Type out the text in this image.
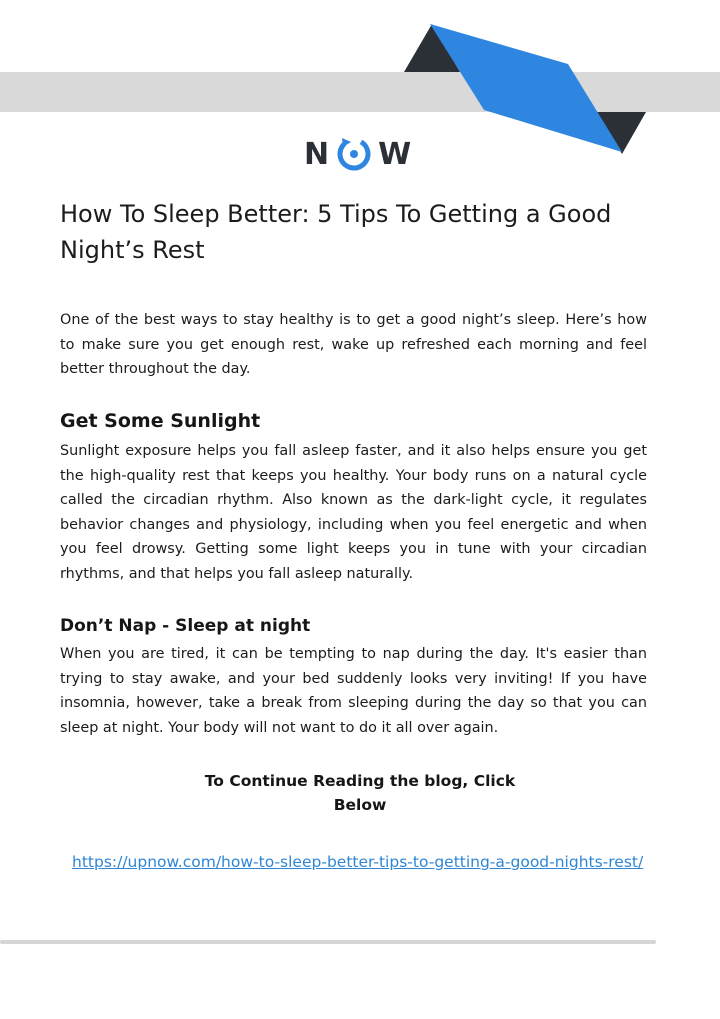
N W
How To Sleep Better: 5 Tips To Getting a Good Night’s Rest

One of the best ways to stay healthy is to get a good night’s sleep. Here’s how to make sure you get enough rest, wake up refreshed each morning and feel better throughout the day.

Get Some Sunlight

Sunlight exposure helps you fall asleep faster, and it also helps ensure you get the high-quality rest that keeps you healthy. Your body runs on a natural cycle called the circadian rhythm. Also known as the dark-light cycle, it regulates behavior changes and physiology, including when you feel energetic and when you feel drowsy. Getting some light keeps you in tune with your circadian rhythms, and that helps you fall asleep naturally.

Don’t Nap - Sleep at night

When you are tired, it can be tempting to nap during the day. It's easier than trying to stay awake, and your bed suddenly looks very inviting! If you have insomnia, however, take a break from sleeping during the day so that you can sleep at night. Your body will not want to do it all over again.

To Continue Reading the blog, Click Below

https://upnow.com/how-to-sleep-better-tips-to-getting-a-good-nights-rest/
